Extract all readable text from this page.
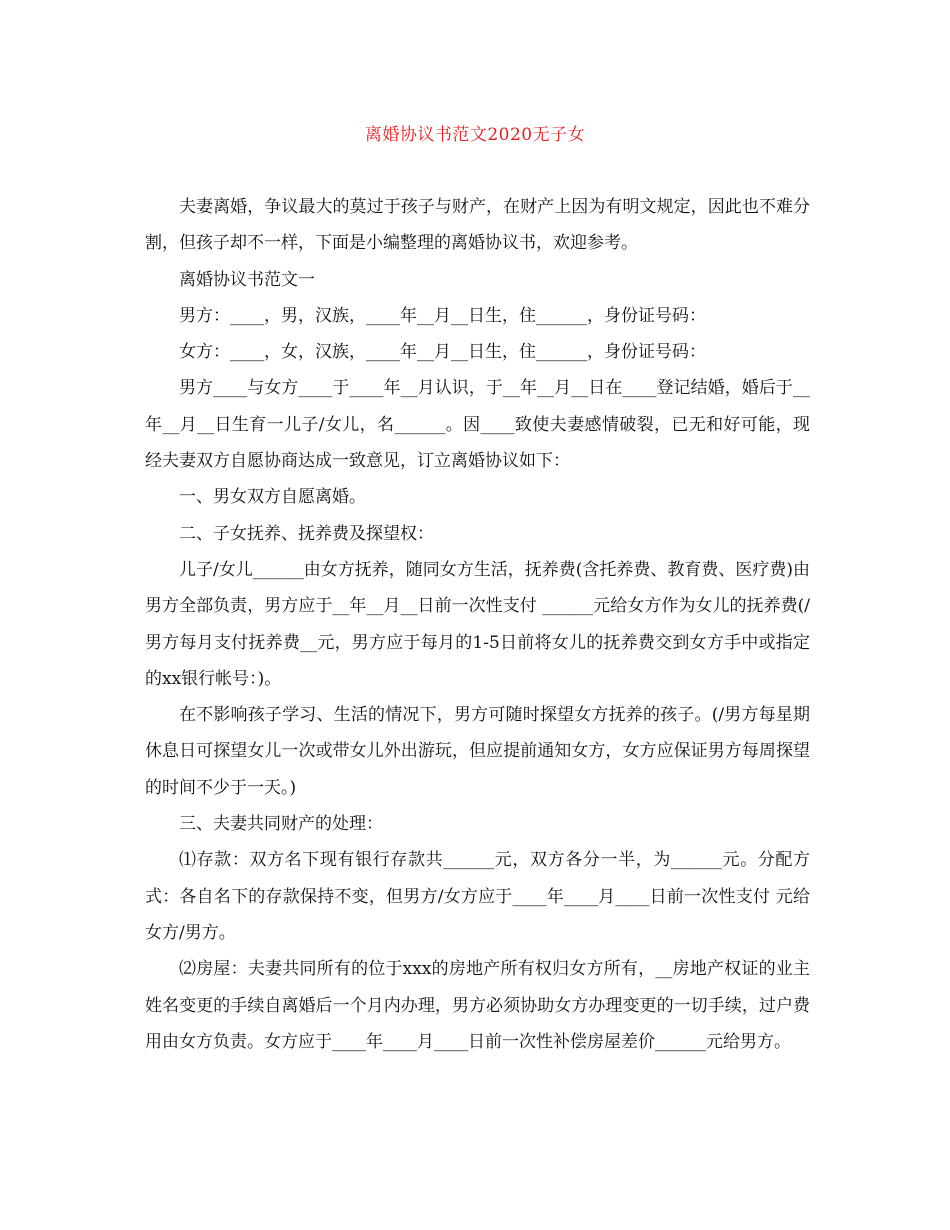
离婚协议书范文2020无子女

夫妻离婚，争议最大的莫过于孩子与财产，在财产上因为有明文规定，因此也不难分割，但孩子却不一样，下面是小编整理的离婚协议书，欢迎参考。

离婚协议书范文一

男方：____，男，汉族，____年__月__日生，住______，身份证号码：

女方：____，女，汉族，____年__月__日生，住______，身份证号码：

男方____与女方____于____年__月认识，于__年__月__日在____登记结婚，婚后于__年__月__日生育一儿子/女儿，名______。因____致使夫妻感情破裂，已无和好可能，现经夫妻双方自愿协商达成一致意见，订立离婚协议如下：

一、男女双方自愿离婚。

二、子女抚养、抚养费及探望权：

儿子/女儿______由女方抚养，随同女方生活，抚养费(含托养费、教育费、医疗费)由男方全部负责，男方应于__年__月__日前一次性支付 ______元给女方作为女儿的抚养费(/男方每月支付抚养费__元，男方应于每月的1-5日前将女儿的抚养费交到女方手中或指定的xx银行帐号：)。

在不影响孩子学习、生活的情况下，男方可随时探望女方抚养的孩子。(/男方每星期休息日可探望女儿一次或带女儿外出游玩，但应提前通知女方，女方应保证男方每周探望的时间不少于一天。)

三、夫妻共同财产的处理：

⑴存款：双方名下现有银行存款共______元，双方各分一半，为______元。分配方式：各自名下的存款保持不变，但男方/女方应于____年____月____日前一次性支付 元给女方/男方。

⑵房屋：夫妻共同所有的位于xxx的房地产所有权归女方所有，__房地产权证的业主姓名变更的手续自离婚后一个月内办理，男方必须协助女方办理变更的一切手续，过户费用由女方负责。女方应于____年____月____日前一次性补偿房屋差价______元给男方。
